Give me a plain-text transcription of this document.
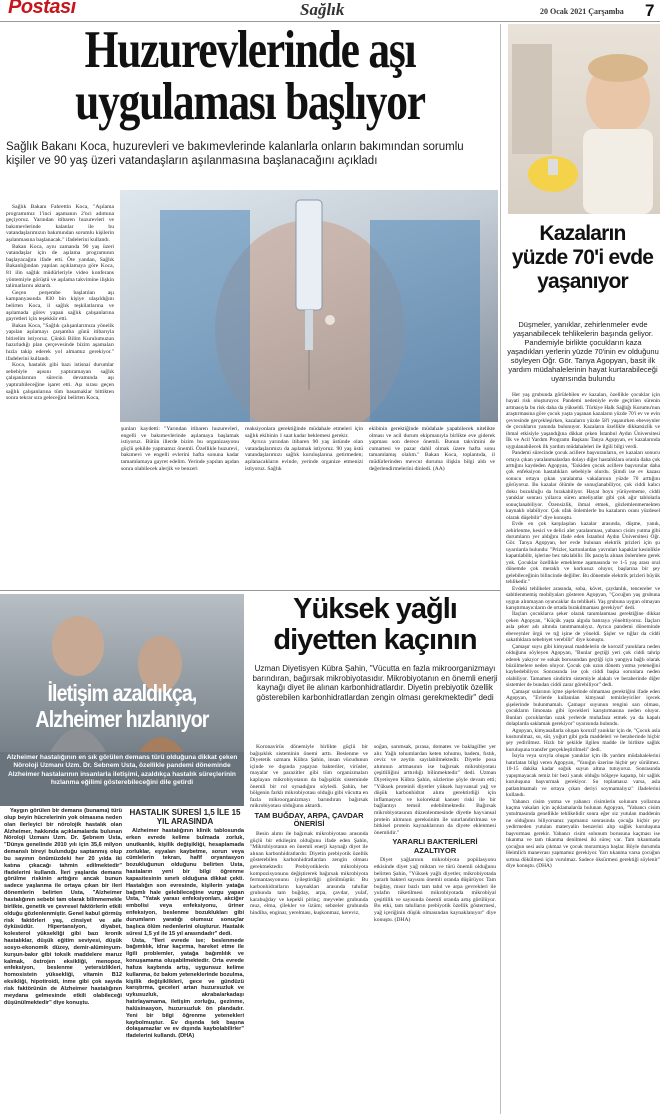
Postası	Sağlık	20 Ocak 2021 Çarşamba	7
Huzurevlerinde aşı
uygulaması başlıyor
Sağlık Bakanı Koca, huzurevleri ve bakımevlerinde kalanlarla onların bakımından sorumlu kişiler ve 90 yaş üzeri vatandaşların aşılanmasına başlanacağını açıkladı

Sağlık Bakanı Fahrettin Koca, "Aşılama programımız 1'inci aşamanın 2'nci adımına geçiyoruz. Yarından itibaren huzurevleri ve bakımevlerinde kalanlar ile bu vatandaşlarımızın bakımından sorumlu kişilerin aşılanmasına başlanacak." ifadelerini kullandı.

Bakan Koca, aynı zamanda 90 yaş üzeri vatandaşlar için de aşılama programının başlayacağını ifade etti. Öte yandan, Sağlık Bakanlığından yapılan açıklamaya göre Koca, 81 ilin sağlık müdürleriyle video konferans yöntemiyle görüştü ve aşılama takvimine ilişkin talimatlarını aktardı.

Geçen perşembe başlatılan aşı kampanyasında 830 bin kişiye ulaşıldığını belirten Koca, il sağlık teşkilatlarına ve aşılamada görev yapan sağlık çalışanlarına gayretleri için teşekkür etti.

Bakan Koca, "Sağlık çalışanlarımıza yönelik yapılan aşılamayı çarşamba günü itibarıyla bitirelim istiyoruz. Çünkü Bilim Kurulumuzun hazırladığı plan çerçevesinde bizim aşamaları hızla takip ederek yol almamız gerekiyor." ifadelerini kullandı.

Koca, hastalık gibi bazı istisnai durumlar sebebiyle aşısını yaptıramayan sağlık çalışanlarının sürecin devamında aşı yaptırabileceğine işaret etti. Aşı sırası geçen sağlık çalışanlarına tüm basamaklar bittikten sonra tekrar sıra geleceğini belirten Koca,

şunları kaydetti: "Yarından itibaren huzurevleri, engelli ve bakımevlerinde aşılamaya başlamak istiyoruz. Bütün illerde bizim bu organizasyonu güçlü şekilde yapmamız önemli. Özellikle huzurevi, bakımevi ve engelli evlerini hafta sonuna kadar tamamlamaya gayret edelim. Yerinde yapılan aşıdan sonra olabilecek alerjik ve benzeri

reaksiyonlara gerektiğinde müdahale etmeleri için sağlık ekibinin 1 saat kadar beklemesi gerekir.

Ayrıca yarından itibaren 90 yaş üstünde olan vatandaşlarımızı da aşılamak istiyoruz. 90 yaş üstü vatandaşlarımızı sağlık kuruluşlarına getirmeden; aşılanacakların evinde, yerinde organize etmenizi istiyoruz. Sağlık

ekibinin gerektiğinde müdahale yapabilecek nitelikte olması ve acil durum ekipmanıyla birlikte eve giderek yapması son derece önemli. Bunun takvimini de cumartesi ve pazar dahil olmak üzere hafta sonu tamamlamış olalım." Bakan Koca, toplantıda, il müdürlerinden mevcut duruma ilişkin bilgi aldı ve değerlendirmelerini dinledi. (AA)

Kazaların
yüzde 70'i evde
yaşanıyor
Düşmeler, yanıklar, zehirlenmeler evde yaşanabilecek tehlikelerin başında geliyor. Pandemiyle birlikte çocukların kaza yaşadıkları yerlerin yüzde 70'inin ev olduğunu söyleyen Öğr. Gör. Tanya Agopyan, basit ilk yardım müdahalelerinin hayat kurtarabileceği uyarısında bulundu

Her yaş grubunda görülebilen ev kazaları, özellikle çocuklar için hayati risk oluşturuyor. Pandemi nedeniyle evde geçirilen sürenin artmasıyla bu risk daha da yükseldi. Türkiye Halk Sağlığı Kurumu'nun araştırmasına göre çocuk yaşta yaşanan kazaların yüzde 70'i ev ve evin çevresinde gerçekleşirken, kazaların yüzde 58'i yaşanırken ebeveynler de çocukların yanında bulunuyor. Kazaların özellikle dikkatsizlik ve ihmal etkisiyle yaşandığına dikkat çeken İstanbul Aydın Üniversitesi İlk ve Acil Yardım Programı Başkanı Tanya Agopyan, ev kazalarında uygulanabilecek ilk yardım müdahaleleri ile ilgili bilgi verdi.

Pandemi sürecinde çocuk acillere başvuranların, ev kazaları sonucu ortaya çıkan yaralanmalardan dolayı diğer hastalıklara oranla daha çok arttığını kaydeden Agopyan, "Eskiden çocuk acillere başvurular daha çok enfeksiyon hastalıkları sebebiyle olurdu. Şimdi ise ev kazası sonucu ortaya çıkan yaralanma vakalarının yüzde 70 arttığını görüyoruz. Bu kazalar ölümle de sonuçlanabiliyor, çok ciddi kalıcı doku bozukluğu da bırakabiliyor. Hayat boyu yürüyememe, ciddi yanıklar sonrası yıllarca süren ameliyatlar gibi çok ağır tablolarla sonuçlanabiliyor. Özensizlik, ihmal etmek, gözlemlenmemekten kaynaklı olabiliyor. Çok ufak önlemlerle bu kazaların oranı yüzdesel olarak düşebilir" diye konuştu.

Evde en çok karşılaşılan kazalar arasında, düşme, yanık, zehirlenme, kesici ve delici alet yaralanması, yabancı cisim yutma gibi durumların yer aldığını ifade eden İstanbul Aydın Üniversitesi Öğr. Gör. Tanya Agopyan, her evde bulunan elektrik prizleri için şu uyarılarda bulundu: "Prizler, kartonlardan yavruları kapaklar kesinlikle kapatılabilir, işlerine bez takılabilir. İlk parayla alınan önlemlere gerek yok. Çocuklar özellikle emekleme aşamasında ve 1-5 yaş arası oral dönemde çok meraklı ve korkusuz oluyor, başlarına bir şey gelebileceğinin bilincinde değiller. Bu dönemde elektrik prizleri büyük tehlikedir."

Evdeki tehlikeler arasında, soba, követ, çaydanlık, tencereler ve sabitlenmemiş mobilyaları gösteren Agopyan, "Çocuğun yaş grubuna uygun alınmayan oyuncaklar da tehlikeli. Yaş grubuna uygun olmayan karıştırmayıcıların de ortada bırakılmaması gerekiyor" dedi.

İlaçları çocuklarca şeker olarak tanımlanması gerektiğine dikkat çeken Agopyan, "Küçük yaşta algıda batıraya yönelttiyoruz. İlaçları asla şeker adı altında tanıtmamalıyız. Ayrıca pandemi döneminde ebeveynler örgü ve tığ işine de yöneldi. Şişler ve tığlar da ciddi sakatlıklara sebebiyet verebilir" diye konuştu.

Çamaşır suyu gibi kimyasal maddelerin de korozif yanıklara neden olduğunu söyleyen Agopyan, "Bunlar geçtiği yeri çok ciddi tahrip ederek yakıyor ve sokak borusundan geçtiği için yangıya bağlı olarak büzülmelere neden oluyor. Çocuk çok uzun dönem yutma yeteneğini kaybedebiliyor. Sonrasında ise çok ciddi başka sorunlara neden olabiliyor. Tamamen sindirim sistemiyle alakalı ve beraberinde diğer sistemler de bundan ciddi zarar görebiliyor" dedi.

Çamaşır sularının içme şişelerinde olmaması gerektiğini ifade eden Agopyan, "Evlerde kullanılan kimyasal temizleyiciler içecek şişelerinde bulunmamalı. Çamaşır suyunun rengini sarı olması, çocukların limonata gibi içecekleri karıştırmasına neden oluyor. Bunları çocuklardan uzak yerlerde muhafaza etmek ya da kapalı dolaplarda saklamak gerekiyor" uyarısında bulundu.

Agopyan, kimyasallarla oluşan korozif yanıklar için de, "Çocuk asla kusturulmaz, su, süt, yoğurt gibi gıda maddeleri ve beraberinde hiçbir şey yedirilmez. Hızlı bir şekilde ilgilen madde ile birlikte sağlık kuruluşuna transfer gerçekleştirilmeli" dedi.

İsıyla veya sıvıyla oluşan yanıklar için ilk yardım müdahalelerini hatırlatan bilgi veren Agopyan, "Yanığın üzerine hiçbir şey sürülmez. 10-15 dakika kadar soğuk suyun altına tutuyoruz. Sonrasında yapışmayacak temiz bir bezi yanık olduğu bölgeye kapatıp, bir sağlık kuruluşuna başvurmak gerekiyor. Su toplamasız varsa, asla patlatılmamalı ve ortaya çıkan deriyi soymamalıyız" ifadelerini kullandı.

Yabancı cisim yutma ve yabancı cisimlerin solunum yollarına kaçma vakaları için açıklamalarda bulunan Agopyan, "Yabancı cisim yutulmasında genellikle tehlikelidir sonra eğer siz yutulan maddenin ne olduğunu biliyorsanız yapmanız sonrasında çocuğa hiçbir şey yedirmeden yutulan materyalin benzerini alıp sağlık kuruluşuna başvurması gerekir. Yabancı cisim solunum borusuna kaçması ise tıkanma ve tam tıkanma denilmesi iki süreç var. Tam tıkanmada çocuğun sesi asla çıkmaz ve çocuk morarmaya başlar. Böyle durumda Heimlich manevrası yapmamız gerekiyor. Yarı tıkanma varsa çocuğun sırtına dökülmesi için vurulmaz. Sadece öksürmesi gerektiği söylenir" diye konuştu. (DHA)

İletişim azaldıkça,
Alzheimer hızlanıyor
Alzheimer hastalığının en sık görülen demans türü olduğuna dikkat çeken Nöroloji Uzmanı Uzm. Dr. Sebnem Usta, özellikle pandemi döneminde Alzheimer hastalarının insanlarla iletişimi, azaldıkça hastalık süreçlerinin hızlanma eğilimi gösterebileceğini dile getirdi

Yaygın görülen bir demans (bunama) türü olup beyin hücrelerinin yok olmasına neden olan ilerleyici bir nörolojik hastalık olan Alzheimer, hakkında açıklamalarda bulunan Nöroloji Uzmanı Uzm. Dr. Şebnem Usta, "Dünya genelinde 2010 yılı için 35,6 milyon demanslı bireyi bulunduğu saptanmış olup bu sayının önümüzdeki her 20 yılda iki katına çıkacağı tahmin edilmektedir" ifadelerini kullandı. İleri yaşlarda demans görülme riskinin arttığını ancak bunun sadece yaşlanma ile ortaya çıkan bir ileri dönemlerin belirten Usta, "Alzheimer hastalığının sebebi tam olarak bilinmemekle birlikte, genetik ve çevresel faktörlerin etkili olduğu gözlenlenmiştir. Genel kabul görmüş risk faktörleri yaş, cinsiyet ve aile öyküsüdür. Hipertansiyon, diyabet, kolesterol yüksekliği gibi bazı kronik hastalıklar, düşük eğitim seviyesi, düşük sosyo-ekonomik düzey, demir-alüminyum-kurşun-bakır gibi toksik maddelere maruz kalmak, östrojen eksikliği, menopoz, enfeksiyon, beslenme yetersizlikleri, homosistein yüksekliği, vitamin B12 eksikliği, hipotiroidi, inme gibi çok sayıda risk faktörünün de Alzheimer hastalığının meydana gelmesinde etkili olabileceği düşünülmektedir" diye konuştu.

HASTALIK SÜRESİ 1,5 İLE 15 YIL ARASINDA

Alzheimer hastalığının klinik tablosunda erken evrede kelime bulmada zorluk, unutkanlık, kişilik değişikliği, hesaplamada zorluklar, eşyaları kaybetme, sorun veya cümlelerin tekrarı, hafif oryantasyon bozukluğunun olduğunu belirten Usta, hastaların yeni bir bilgi öğrenme kapasitesinin sınırlı olduğuna dikkat çekti. Hastalığın son evresinde, kişilerin yatağa bağımlı hale gelebileceğine vurgu yapan Usta, "Yatak yarası enfeksiyonları, akciğer embolisi veya enfeksiyonu, üriner enfeksiyon, beslenme bozuklukları gibi durumların yaratığı olumsuz sonuçlar başlıca ölüm nedenlerini oluşturur. Hastalık süresi 1,5 yıl ile 15 yıl arasındadır" dedi.

Usta, "İleri evrede ise; beslenmede bağımlılık, idrar kaçırma, hareket etme ile ilgili problemler, yatağa bağımlılık ve konuşamama oluşabilmektedir. Orta evrede hafıza kaybında artış, uygunsuz kelime kullanma, öz bakım yeteneklerinde bozulma, kişilik değişiklikleri, gece ve gündüzü karıştırma, geceleri artan huzursuzluk ve uykusuzluk, akraba/arkadaşı hatırlayamama, iletişim zorluğu, gezinme, halüsinasyon, huzursuzluk ön plandadır. Yeni bir bilgi öğrenme yetenekleri kaybolmuştur. Ev dışında tek başına dolaşamazlar ve ev dışında kaybolabilirler" ifadelerini kullandı. (DHA)

Yüksek yağlı
diyetten kaçının
Uzman Diyetisyen Kübra Şahin, "Vücutta en fazla mikroorganizmayı barındıran, bağırsak mikrobiyotasıdır. Mikrobiyotanın en önemli enerji kaynağı diyet ile alınan karbonhidratlardır. Diyetin prebiyotik özellik gösterebilen karbonhidratlardan zengin olması gerekmektedir" dedi

Koronavirüs dönemiyle birlikte güçlü bir bağışıklık sisteminin önemi arttı. Beslenme ve Diyetetik uzmanı Kübra Şahin, insan vücudunun içinde ve dışında yaşayan bakteriler, virüsler, mayalar ve parazitler gibi tüm organizmaları kaplayan mikrobiyotanın da bağışıklık sisteminde önemli bir rol oynadığını söyledi. Şahin, her bölgenin farklı mikrobiyotası olduğu gibi vücutta en fazla mikroorganizmayı barındıran bağırsak mikrobiyotası olduğunu aktardı.

TAM BUĞDAY, ARPA, ÇAVDAR ÖNERİSİ

Besin alımı ile bağırsak mikrobiyotası arasında güçlü bir etkileşim olduğunu ifade eden Şahin, "Mikrobiyotanın en önemli enerji kaynağı diyet ile alınan karbonhidratlardır. Diyetin prebiyotik özellik gösterebilen karbonhidratlardan zengin olması gerekmektedir. Prebiyotiklerin mikrobiyota kompozisyonunu değiştirerek bağırsak mikrobiyota fermantasyonunu iyileştirdiği görülmüştür. Bu karbonhidratların kaynakları arasında tahıllar grubunda tam buğday, arpa, çavdar, yulaf, karabuğday ve kepekli pirinç; meyveler grubunda muz, elma, çilekler ve üzüm; sebzeler grubunda hindiba, enginar, yerelması, kuşkonmaz, kereviz,

soğan, sarımsak, pırasa, domates ve baklagiller yer alır. Yağlı tohumlardan keten tohumu, badem, fıstık, ceviz ve zeytin sayılabilmektedir. Diyetle posa alımının artmasının ise bağırsak mikrobiyotası çeşitliliğini arttırdığı bilinmektedir" dedi. Uzman Diyetisyen Kübra Şahin, sözlerine şöyle devam etti; "Yüksek proteinli diyetler yüksek hayvansal yağ ve düşük karbonhidrat alımı gerektirdiği için inflamasyon ve kolorektal kanser riski ile bir bağlantıyı temsil edebilmektedir. Bağırsak mikrobiyotasının düzenlenmesinde diyetle hayvansal protein alımının gereksinim ile sınırlandırılması ve bitkisel protein kaynaklarının da diyete eklenmesi önemlidir."

YARARLI BAKTERİLERİ AZALTIYOR

Diyet yağlarının mikrobiyota popülasyonu etkisinde diyet yağ miktarı ve türü önemli olduğunu belirten Şahin, "Yüksek yağlı diyetler, mikrobiyotada yararlı bakteri sayısını önemli oranda düşürüyor. Tam buğday, mısır bazlı tam tahıl ve arpa gevrekleri ile yulafın tüketilmesi mikrobiyotada mikrobiyal çeşitlilik ve sayısında önemli oranda artış görülüyor. Bu etki, tam tahılların prebiyotik özellik göstermesi, yağ içeriğinin düşük olmasından kaynaklanıyor" diye konuştu. (DHA)
